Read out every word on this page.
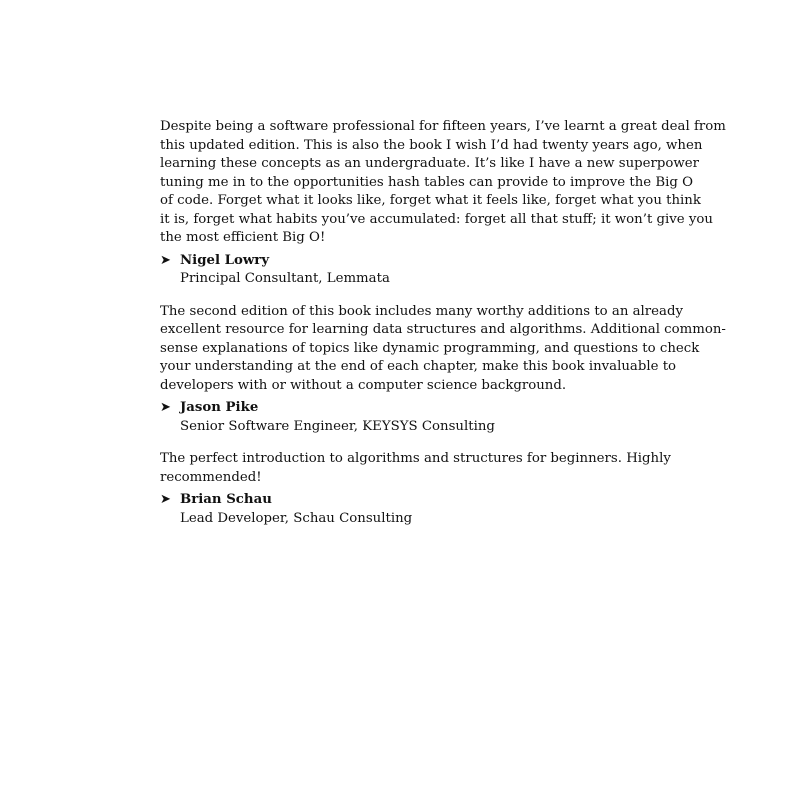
Despite being a software professional for fifteen years, I’ve learnt a great deal from
this updated edition. This is also the book I wish I’d had twenty years ago, when
learning these concepts as an undergraduate. It’s like I have a new superpower
tuning me in to the opportunities hash tables can provide to improve the Big O
of code. Forget what it looks like, forget what it feels like, forget what you think
it is, forget what habits you’ve accumulated: forget all that stuff; it won’t give you
the most efficient Big O!

➤ Nigel Lowry
Principal Consultant, Lemmata

The second edition of this book includes many worthy additions to an already
excellent resource for learning data structures and algorithms. Additional common-
sense explanations of topics like dynamic programming, and questions to check
your understanding at the end of each chapter, make this book invaluable to
developers with or without a computer science background.

➤ Jason Pike
Senior Software Engineer, KEYSYS Consulting

The perfect introduction to algorithms and structures for beginners. Highly
recommended!

➤ Brian Schau
Lead Developer, Schau Consulting
